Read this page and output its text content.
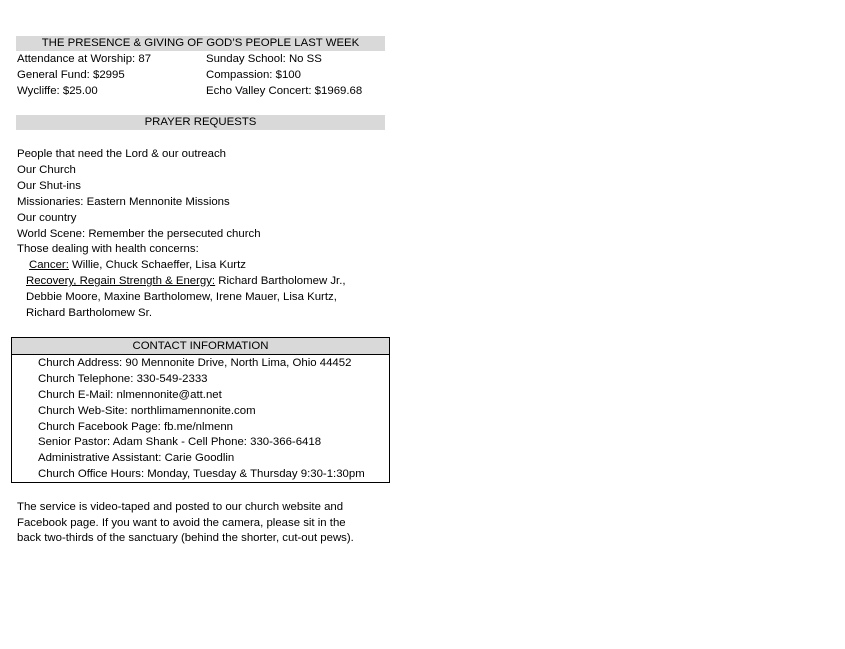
THE PRESENCE & GIVING OF GOD’S PEOPLE LAST WEEK
Attendance at Worship: 87	Sunday School: No SS
General Fund: $2995	Compassion: $100
Wycliffe: $25.00	Echo Valley Concert: $1969.68
PRAYER REQUESTS
People that need the Lord & our outreach
Our Church
Our Shut-ins
Missionaries: Eastern Mennonite Missions
Our country
World Scene: Remember the persecuted church
Those dealing with health concerns:
Cancer: Willie, Chuck Schaeffer, Lisa Kurtz
Recovery, Regain Strength & Energy: Richard Bartholomew Jr.,
Debbie Moore, Maxine Bartholomew, Irene Mauer, Lisa Kurtz,
Richard Bartholomew Sr.
CONTACT INFORMATION
Church Address: 90 Mennonite Drive, North Lima, Ohio 44452
Church Telephone: 330-549-2333
Church E-Mail: nlmennonite@att.net
Church Web-Site: northlimamennonite.com
Church Facebook Page: fb.me/nlmenn
Senior Pastor: Adam Shank - Cell Phone: 330-366-6418
Administrative Assistant: Carie Goodlin
Church Office Hours: Monday, Tuesday & Thursday 9:30-1:30pm
The service is video-taped and posted to our church website and
Facebook page. If you want to avoid the camera, please sit in the
back two-thirds of the sanctuary (behind the shorter, cut-out pews).
